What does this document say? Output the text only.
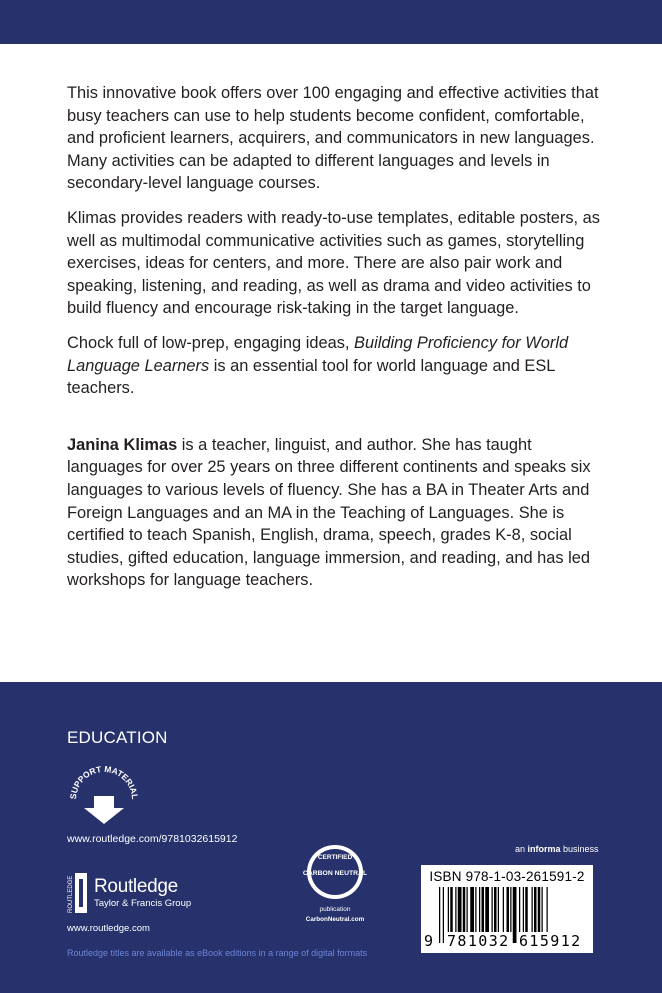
This innovative book offers over 100 engaging and effective activities that busy teachers can use to help students become confident, comfortable, and proficient learners, acquirers, and communicators in new languages. Many activities can be adapted to different languages and levels in secondary-level language courses.

Klimas provides readers with ready-to-use templates, editable posters, as well as multimodal communicative activities such as games, storytelling exercises, ideas for centers, and more. There are also pair work and speaking, listening, and reading, as well as drama and video activities to build fluency and encourage risk-taking in the target language.

Chock full of low-prep, engaging ideas, Building Proficiency for World Language Learners is an essential tool for world language and ESL teachers.

Janina Klimas is a teacher, linguist, and author. She has taught languages for over 25 years on three different continents and speaks six languages to various levels of fluency. She has a BA in Theater Arts and Foreign Languages and an MA in the Teaching of Languages. She is certified to teach Spanish, English, drama, speech, grades K-8, social studies, gifted education, language immersion, and reading, and has led workshops for language teachers.

EDUCATION
SUPPORT MATERIAL
www.routledge.com/9781032615912
ROUTLEDGE Routledge
Taylor & Francis Group
www.routledge.com
Routledge titles are available as eBook editions in a range of digital formats
CERTIFIED
CARBON NEUTRAL
publication
CarbonNeutral.com
an informa business
ISBN 978-1-03-261591-2
9 781032 615912
